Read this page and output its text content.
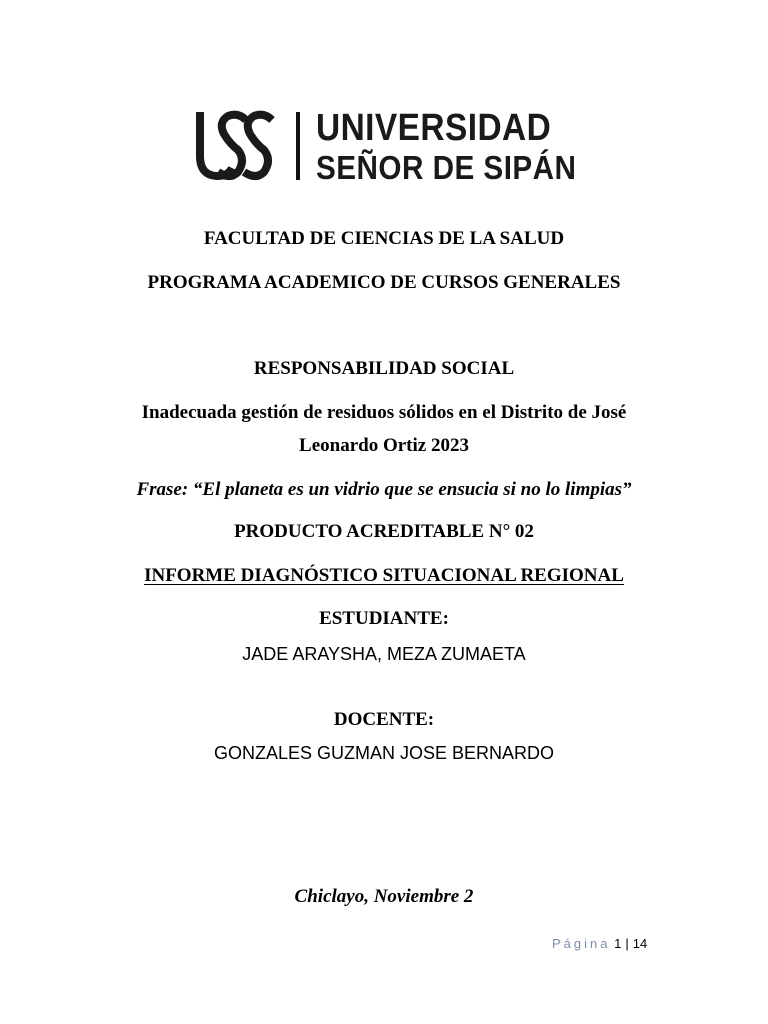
UNIVERSIDAD
SEÑOR DE SIPÁN
FACULTAD DE CIENCIAS DE LA SALUD
PROGRAMA ACADEMICO DE CURSOS GENERALES
RESPONSABILIDAD SOCIAL
Inadecuada gestión de residuos sólidos en el Distrito de José
Leonardo Ortiz 2023
Frase: “El planeta es un vidrio que se ensucia si no lo limpias”
PRODUCTO ACREDITABLE N° 02
INFORME DIAGNÓSTICO SITUACIONAL REGIONAL
ESTUDIANTE:
JADE ARAYSHA, MEZA ZUMAETA
DOCENTE:
GONZALES GUZMAN JOSE BERNARDO
Chiclayo, Noviembre 2
Página 1 | 14
